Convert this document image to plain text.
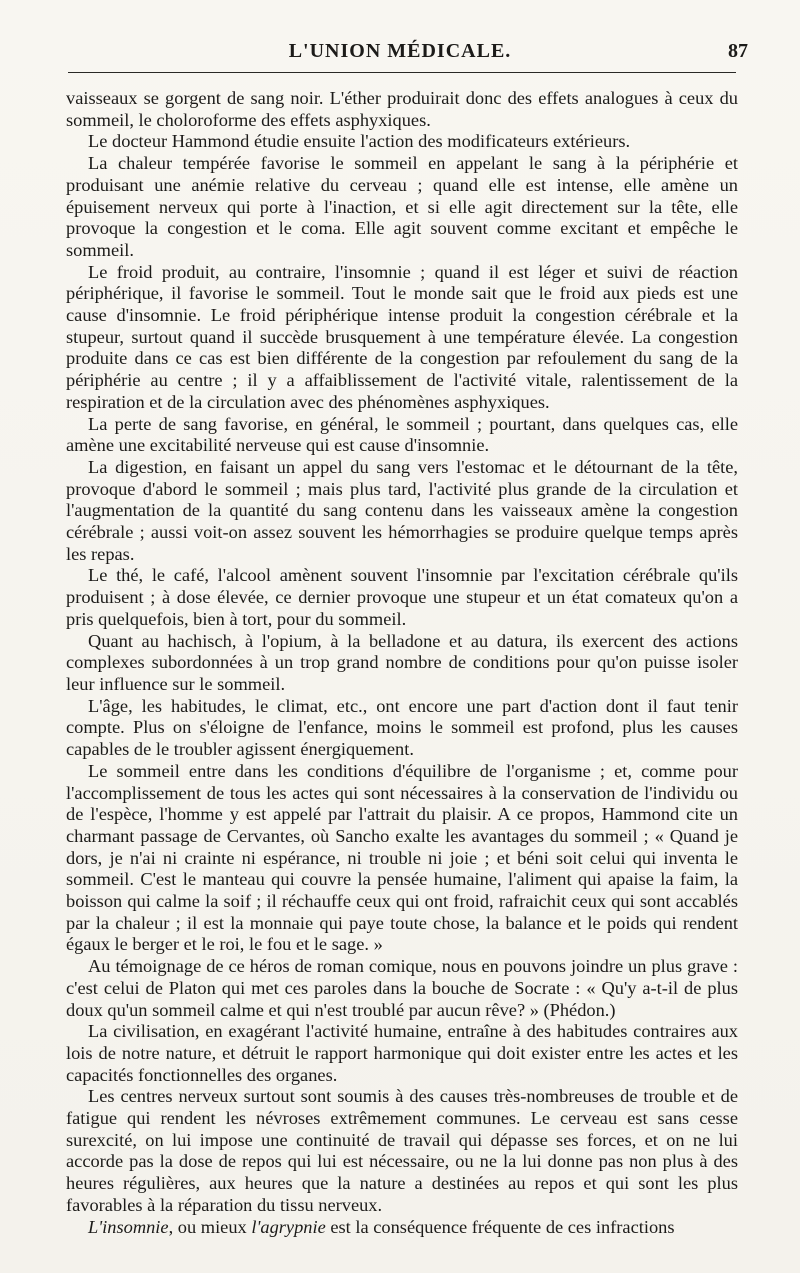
L'UNION MÉDICALE.	87

vaisseaux se gorgent de sang noir. L'éther produirait donc des effets analogues à ceux du sommeil, le choloroforme des effets asphyxiques.

Le docteur Hammond étudie ensuite l'action des modificateurs extérieurs.

La chaleur tempérée favorise le sommeil en appelant le sang à la périphérie et produisant une anémie relative du cerveau ; quand elle est intense, elle amène un épuisement nerveux qui porte à l'inaction, et si elle agit directement sur la tête, elle provoque la congestion et le coma. Elle agit souvent comme excitant et empêche le sommeil.

Le froid produit, au contraire, l'insomnie ; quand il est léger et suivi de réaction périphérique, il favorise le sommeil. Tout le monde sait que le froid aux pieds est une cause d'insomnie. Le froid périphérique intense produit la congestion cérébrale et la stupeur, surtout quand il succède brusquement à une température élevée. La congestion produite dans ce cas est bien différente de la congestion par refoulement du sang de la périphérie au centre ; il y a affaiblissement de l'activité vitale, ralentissement de la respiration et de la circulation avec des phénomènes asphyxiques.

La perte de sang favorise, en général, le sommeil ; pourtant, dans quelques cas, elle amène une excitabilité nerveuse qui est cause d'insomnie.

La digestion, en faisant un appel du sang vers l'estomac et le détournant de la tête, provoque d'abord le sommeil ; mais plus tard, l'activité plus grande de la circulation et l'augmentation de la quantité du sang contenu dans les vaisseaux amène la congestion cérébrale ; aussi voit-on assez souvent les hémorrhagies se produire quelque temps après les repas.

Le thé, le café, l'alcool amènent souvent l'insomnie par l'excitation cérébrale qu'ils produisent ; à dose élevée, ce dernier provoque une stupeur et un état comateux qu'on a pris quelquefois, bien à tort, pour du sommeil.

Quant au hachisch, à l'opium, à la belladone et au datura, ils exercent des actions complexes subordonnées à un trop grand nombre de conditions pour qu'on puisse isoler leur influence sur le sommeil.

L'âge, les habitudes, le climat, etc., ont encore une part d'action dont il faut tenir compte. Plus on s'éloigne de l'enfance, moins le sommeil est profond, plus les causes capables de le troubler agissent énergiquement.

Le sommeil entre dans les conditions d'équilibre de l'organisme ; et, comme pour l'accomplissement de tous les actes qui sont nécessaires à la conservation de l'individu ou de l'espèce, l'homme y est appelé par l'attrait du plaisir. A ce propos, Hammond cite un charmant passage de Cervantes, où Sancho exalte les avantages du sommeil ; « Quand je dors, je n'ai ni crainte ni espérance, ni trouble ni joie ; et béni soit celui qui inventa le sommeil. C'est le manteau qui couvre la pensée humaine, l'aliment qui apaise la faim, la boisson qui calme la soif ; il réchauffe ceux qui ont froid, rafraichit ceux qui sont accablés par la chaleur ; il est la monnaie qui paye toute chose, la balance et le poids qui rendent égaux le berger et le roi, le fou et le sage. »

Au témoignage de ce héros de roman comique, nous en pouvons joindre un plus grave : c'est celui de Platon qui met ces paroles dans la bouche de Socrate : « Qu'y a-t-il de plus doux qu'un sommeil calme et qui n'est troublé par aucun rêve? » (Phédon.)

La civilisation, en exagérant l'activité humaine, entraîne à des habitudes contraires aux lois de notre nature, et détruit le rapport harmonique qui doit exister entre les actes et les capacités fonctionnelles des organes.

Les centres nerveux surtout sont soumis à des causes très-nombreuses de trouble et de fatigue qui rendent les névroses extrêmement communes. Le cerveau est sans cesse surexcité, on lui impose une continuité de travail qui dépasse ses forces, et on ne lui accorde pas la dose de repos qui lui est nécessaire, ou ne la lui donne pas non plus à des heures régulières, aux heures que la nature a destinées au repos et qui sont les plus favorables à la réparation du tissu nerveux.

L'insomnie, ou mieux l'agrypnie est la conséquence fréquente de ces infractions
